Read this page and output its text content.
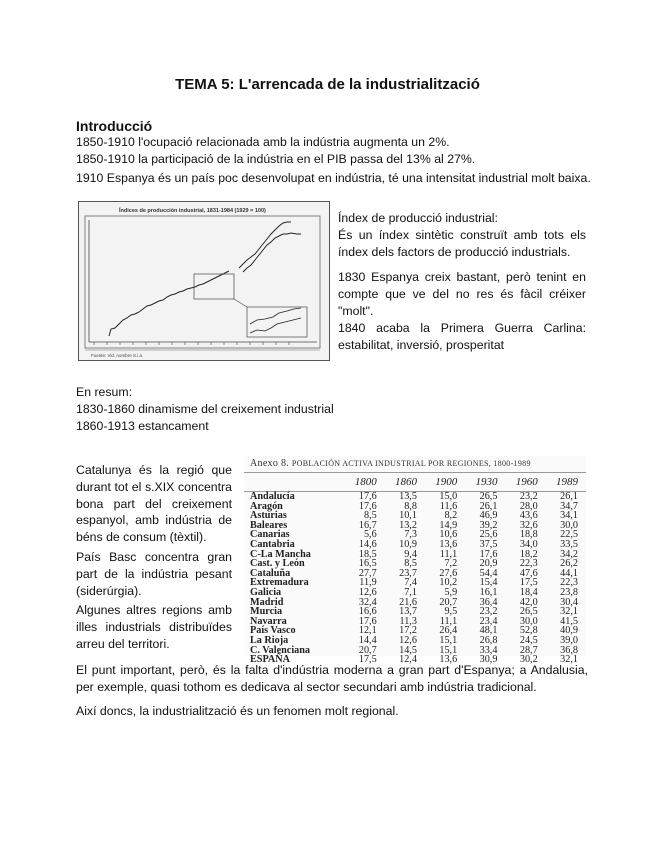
TEMA 5: L'arrencada de la industrialització
Introducció
1850-1910 l'ocupació relacionada amb la indústria augmenta un 2%.
1850-1910 la participació de la indústria en el PIB passa del 13% al 27%.
1910 Espanya és un país poc desenvolupat en indústria, té una intensitat industrial molt baixa.
Índices de producción industrial, 1831-1984 (1929 = 100)
Fuente: Vid. nombre S.i.a.
Índex de producció industrial:
És un índex sintètic construït amb tots els índex dels factors de producció industrials.
1830 Espanya creix bastant, però tenint en compte que ve del no res és fàcil créixer "molt".
1840 acaba la Primera Guerra Carlina: estabilitat, inversió, prosperitat
En resum:
1830-1860 dinamisme del creixement industrial
1860-1913 estancament
Catalunya és la regió que durant tot el s.XIX concentra bona part del creixement espanyol, amb indústria de béns de consum (tèxtil).
País Basc concentra gran part de la indústria pesant (siderúrgia).
Algunes altres regions amb illes industrials distribuïdes arreu del territori.
Anexo 8. POBLACIÓN ACTIVA INDUSTRIAL POR REGIONES, 1800-1989
	1800	1860	1900	1930	1960	1989
Andalucía	17,6	13,5	15,0	26,5	23,2	26,1
Aragón	17,6	8,8	11,6	26,1	28,0	34,7
Asturias	8,5	10,1	8,2	46,9	43,6	34,1
Baleares	16,7	13,2	14,9	39,2	32,6	30,0
Canarias	5,6	7,3	10,6	25,6	18,8	22,5
Cantabria	14,6	10,9	13,6	37,5	34,0	33,5
C-La Mancha	18,5	9,4	11,1	17,6	18,2	34,2
Cast. y León	16,5	8,5	7,2	20,9	22,3	26,2
Cataluña	27,7	23,7	27,6	54,4	47,6	44,1
Extremadura	11,9	7,4	10,2	15,4	17,5	22,3
Galicia	12,6	7,1	5,9	16,1	18,4	23,8
Madrid	32,4	21,6	20,7	36,4	42,0	30,4
Murcia	16,6	13,7	9,5	23,2	26,5	32,1
Navarra	17,6	11,3	11,1	23,4	30,0	41,5
País Vasco	12,1	17,2	26,4	48,1	52,8	40,9
La Rioja	14,4	12,6	15,1	26,8	24,5	39,0
C. Valenciana	20,7	14,5	15,1	33,4	28,7	36,8
ESPAÑA	17,5	12,4	13,6	30,9	30,2	32,1
El punt important, però, és la falta d'indústria moderna a gran part d'Espanya; a Andalusia, per exemple, quasi tothom es dedicava al sector secundari amb indústria tradicional.
Així doncs, la industrialització és un fenomen molt regional.
